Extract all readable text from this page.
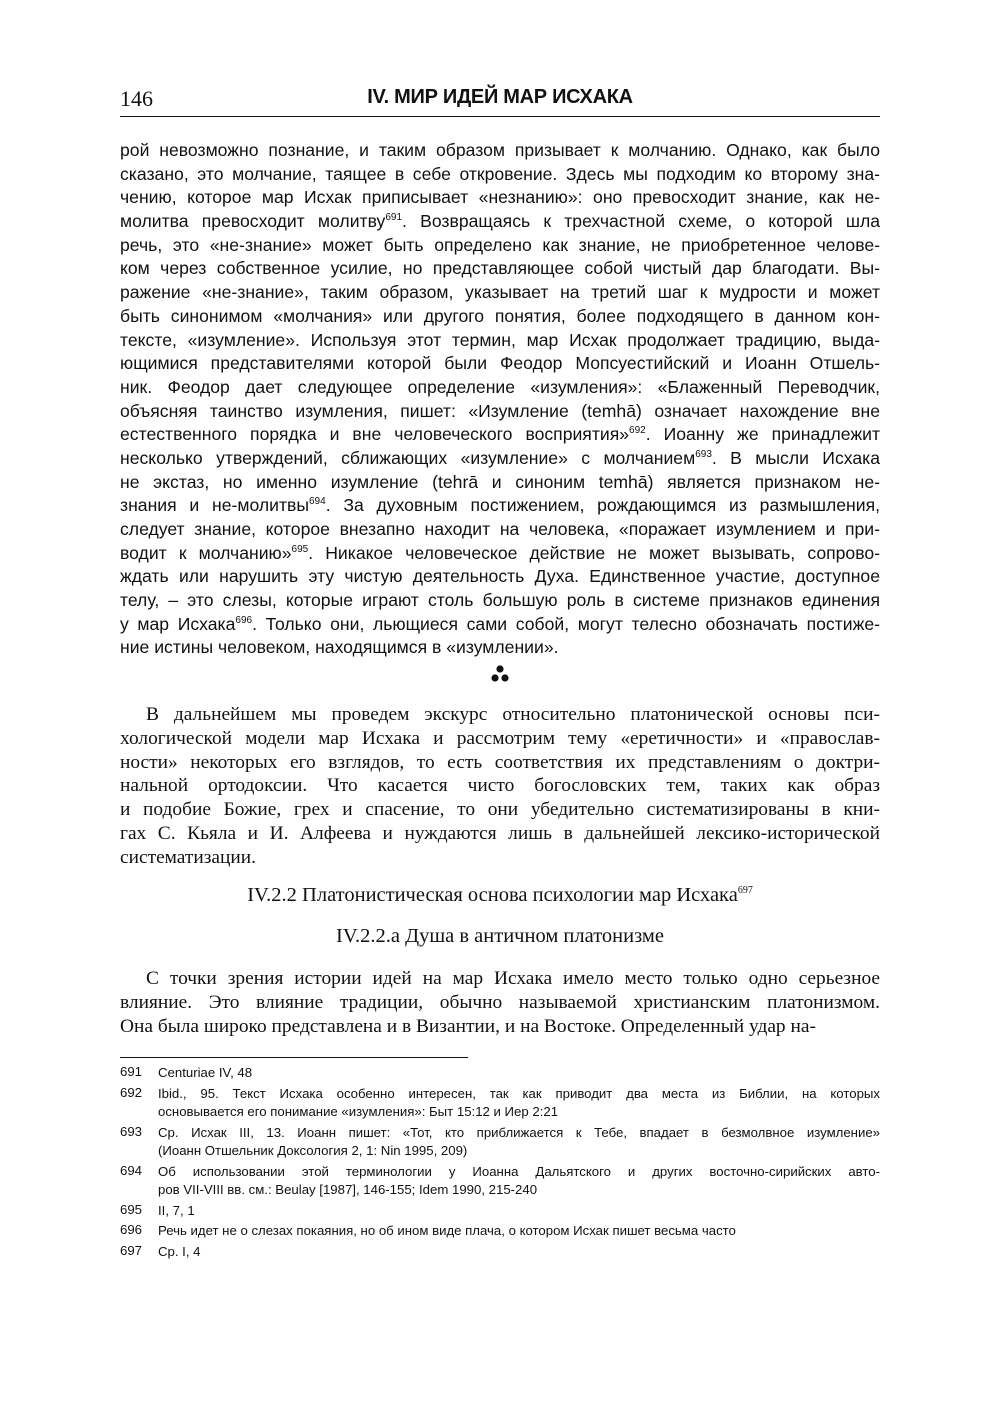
146	IV. МИР ИДЕЙ МАР ИСХАКА
рой невозможно познание, и таким образом призывает к молчанию. Однако, как было
сказано, это молчание, таящее в себе откровение. Здесь мы подходим ко второму зна-
чению, которое мар Исхак приписывает «незнанию»: оно превосходит знание, как не-
молитва превосходит молитву$^{691}$. Возвращаясь к трехчастной схеме, о которой шла
речь, это «не-знание» может быть определено как знание, не приобретенное челове-
ком через собственное усилие, но представляющее собой чистый дар благодати. Вы-
ражение «не-знание», таким образом, указывает на третий шаг к мудрости и может
быть синонимом «молчания» или другого понятия, более подходящего в данном кон-
тексте, «изумление». Используя этот термин, мар Исхак продолжает традицию, выда-
ющимися представителями которой были Феодор Мопсуестийский и Иоанн Отшель-
ник. Феодор дает следующее определение «изумления»: «Блаженный Переводчик,
объясняя таинство изумления, пишет: «Изумление (temhā) означает нахождение вне
естественного порядка и вне человеческого восприятия»$^{692}$. Иоанну же принадлежит
несколько утверждений, сближающих «изумление» с молчанием$^{693}$. В мысли Исхака
не экстаз, но именно изумление (tehrā и синоним temhā) является признаком не-
знания и не-молитвы$^{694}$. За духовным постижением, рождающимся из размышления,
следует знание, которое внезапно находит на человека, «поражает изумлением и при-
водит к молчанию»$^{695}$. Никакое человеческое действие не может вызывать, сопрово-
ждать или нарушить эту чистую деятельность Духа. Единственное участие, доступное
телу, – это слезы, которые играют столь большую роль в системе признаков единения
у мар Исхака$^{696}$. Только они, льющиеся сами собой, могут телесно обозначать постиже-
ние истины человеком, находящимся в «изумлении».
В дальнейшем мы проведем экскурс относительно платонической основы пси-
хологической модели мар Исхака и рассмотрим тему «еретичности» и «православ-
ности» некоторых его взглядов, то есть соответствия их представлениям о доктри-
нальной ортодоксии. Что касается чисто богословских тем, таких как образ
и подобие Божие, грех и спасение, то они убедительно систематизированы в кни-
гах С. Кьяла и И. Алфеева и нуждаются лишь в дальнейшей лексико-исторической
систематизации.
IV.2.2 Платонистическая основа психологии мар Исхака$^{697}$
IV.2.2.а Душа в античном платонизме
С точки зрения истории идей на мар Исхака имело место только одно серьезное
влияние. Это влияние традиции, обычно называемой христианским платонизмом.
Она была широко представлена и в Византии, и на Востоке. Определенный удар на-
691 Centuriae IV, 48
692 Ibid., 95. Текст Исхака особенно интересен, так как приводит два места из Библии, на которых
основывается его понимание «изумления»: Быт 15:12 и Иер 2:21
693 Ср. Исхак III, 13. Иоанн пишет: «Тот, кто приближается к Тебе, впадает в безмолвное изумление»
(Иоанн Отшельник Доксология 2, 1: Nin 1995, 209)
694 Об использовании этой терминологии у Иоанна Дальятского и других восточно-сирийских авто-
ров VII-VIII вв. см.: Beulay [1987], 146-155; Idem 1990, 215-240
695 II, 7, 1
696 Речь идет не о слезах покаяния, но об ином виде плача, о котором Исхак пишет весьма часто
697 Ср. I, 4
